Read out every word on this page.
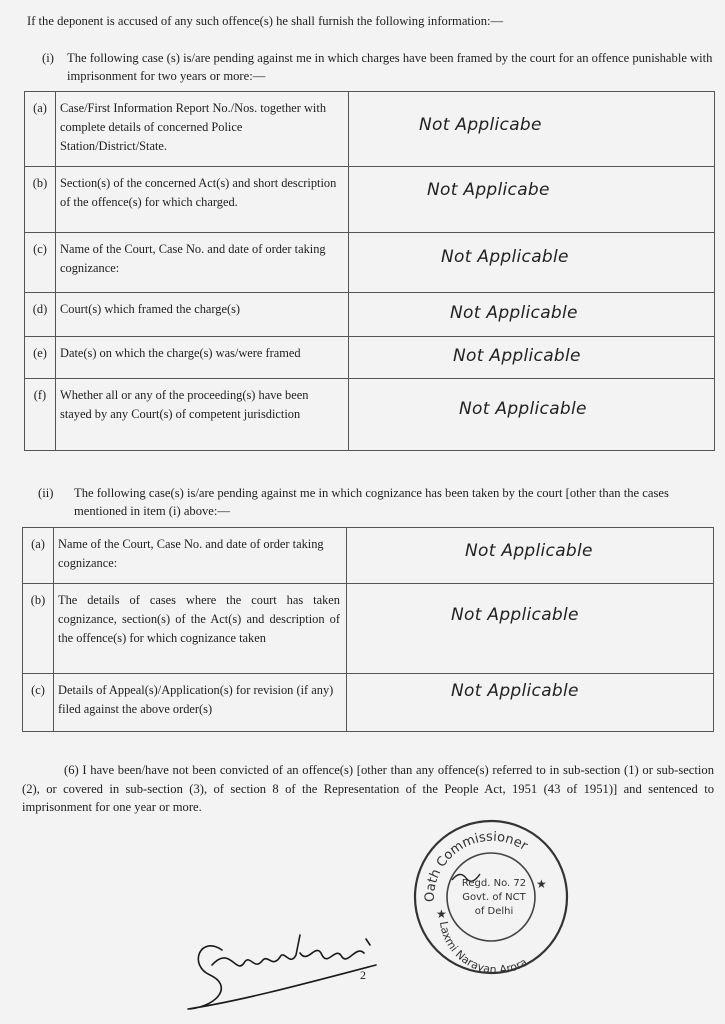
If the deponent is accused of any such offence(s) he shall furnish the following information:—

(i) The following case (s) is/are pending against me in which charges have been framed by the court for an offence punishable with imprisonment for two years or more:—
(a)	Case/First Information Report No./Nos. together with complete details of concerned Police Station/District/State.	Not Applicabe

(b)	Section(s) of the concerned Act(s) and short description of the offence(s) for which charged.	Not Applicabe

(c)	Name of the Court, Case No. and date of order taking cognizance:	Not Applicable

(d)	Court(s) which framed the charge(s)	Not Applicable

(e)	Date(s) on which the charge(s) was/were framed	Not Applicable

(f)	Whether all or any of the proceeding(s) have been stayed by any Court(s) of competent jurisdiction	Not Applicable
(ii) The following case(s) is/are pending against me in which cognizance has been taken by the court [other than the cases mentioned in item (i) above:—
(a)	Name of the Court, Case No. and date of order taking cognizance:	Not Applicable

(b)	The details of cases where the court has taken cognizance, section(s) of the Act(s) and description of the offence(s) for which cognizance taken	Not Applicable

(c)	Details of Appeal(s)/Application(s) for revision (if any) filed against the above order(s)	Not Applicable

(6) I have been/have not been convicted of an offence(s) [other than any offence(s) referred to in sub-section (1) or sub-section (2), or covered in sub-section (3), of section 8 of the Representation of the People Act, 1951 (43 of 1951)] and sentenced to imprisonment for one year or more.

Oath Commissioner
Laxmi Narayan Arora
★
★
Regd. No. 72
Govt. of NCT
of Delhi
2
